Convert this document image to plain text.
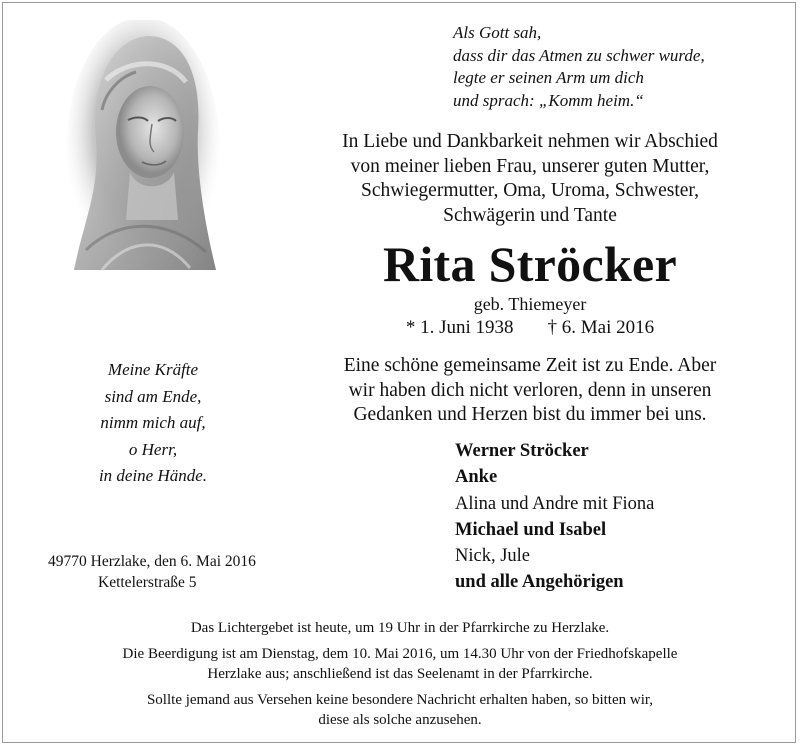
Als Gott sah,
dass dir das Atmen zu schwer wurde,
legte er seinen Arm um dich
und sprach: „Komm heim.“
In Liebe und Dankbarkeit nehmen wir Abschied
von meiner lieben Frau, unserer guten Mutter,
Schwiegermutter, Oma, Uroma, Schwester,
Schwägerin und Tante
Rita Ströcker
geb. Thiemeyer
* 1. Juni 1938 † 6. Mai 2016
Eine schöne gemeinsame Zeit ist zu Ende. Aber
wir haben dich nicht verloren, denn in unseren
Gedanken und Herzen bist du immer bei uns.
Meine Kräfte
sind am Ende,
nimm mich auf,
o Herr,
in deine Hände.
Werner Ströcker
Anke
Alina und Andre mit Fiona
Michael und Isabel
Nick, Jule
und alle Angehörigen
49770 Herzlake, den 6. Mai 2016
Kettelerstraße 5

Das Lichtergebet ist heute, um 19 Uhr in der Pfarrkirche zu Herzlake.

Die Beerdigung ist am Dienstag, dem 10. Mai 2016, um 14.30 Uhr von der Friedhofskapelle
Herzlake aus; anschließend ist das Seelenamt in der Pfarrkirche.

Sollte jemand aus Versehen keine besondere Nachricht erhalten haben, so bitten wir,
diese als solche anzusehen.
